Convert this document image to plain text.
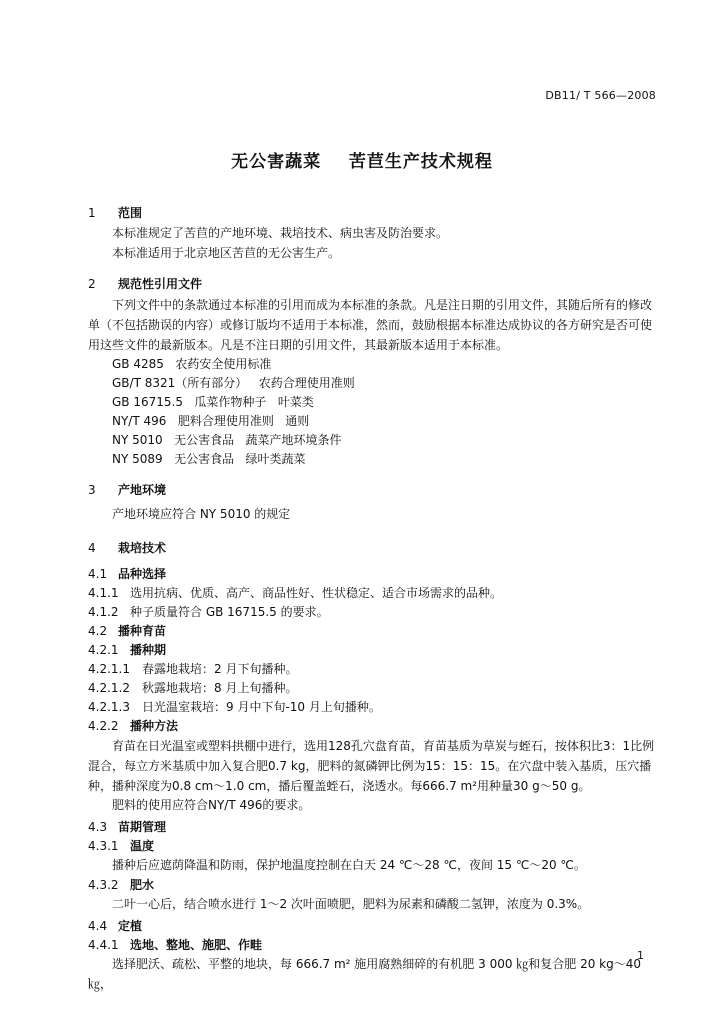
DB11/ T 566—2008
无公害蔬菜    苦苣生产技术规程
1 范围
本标准规定了苦苣的产地环境、栽培技术、病虫害及防治要求。
本标准适用于北京地区苦苣的无公害生产。
2 规范性引用文件
下列文件中的条款通过本标准的引用而成为本标准的条款。凡是注日期的引用文件，其随后所有的修改单（不包括勘误的内容）或修订版均不适用于本标准，然而，鼓励根据本标准达成协议的各方研究是否可使用这些文件的最新版本。凡是不注日期的引用文件，其最新版本适用于本标准。
GB 4285   农药安全使用标准
GB/T 8321（所有部分）   农药合理使用准则
GB 16715.5   瓜菜作物种子   叶菜类
NY/T 496   肥料合理使用准则   通则
NY 5010   无公害食品   蔬菜产地环境条件
NY 5089   无公害食品   绿叶类蔬菜
3 产地环境
产地环境应符合 NY 5010 的规定
4 栽培技术
4.1 品种选择
4.1.1 选用抗病、优质、高产、商品性好、性状稳定、适合市场需求的品种。
4.1.2 种子质量符合 GB 16715.5 的要求。
4.2 播种育苗
4.2.1 播种期
4.2.1.1 春露地栽培：2 月下旬播种。
4.2.1.2 秋露地栽培：8 月上旬播种。
4.2.1.3 日光温室栽培：9 月中下旬-10 月上旬播种。
4.2.2 播种方法
育苗在日光温室或塑料拱棚中进行，选用128孔穴盘育苗，育苗基质为草炭与蛭石，按体积比3：1比例混合，每立方米基质中加入复合肥0.7 kg，肥料的氮磷钾比例为15：15：15。在穴盘中装入基质，压穴播种，播种深度为0.8 cm～1.0 cm，播后覆盖蛭石，浇透水。每666.7 m²用种量30 g～50 g。
肥料的使用应符合NY/T 496的要求。
4.3 苗期管理
4.3.1 温度
播种后应遮荫降温和防雨，保护地温度控制在白天 24 ℃～28 ℃，夜间 15 ℃～20 ℃。
4.3.2 肥水
二叶一心后，结合喷水进行 1～2 次叶面喷肥，肥料为尿素和磷酸二氢钾，浓度为 0.3%。
4.4 定植
4.4.1 选地、整地、施肥、作畦
选择肥沃、疏松、平整的地块，每 666.7 m² 施用腐熟细碎的有机肥 3 000 ㎏和复合肥 20 kg～40 ㎏，
1
